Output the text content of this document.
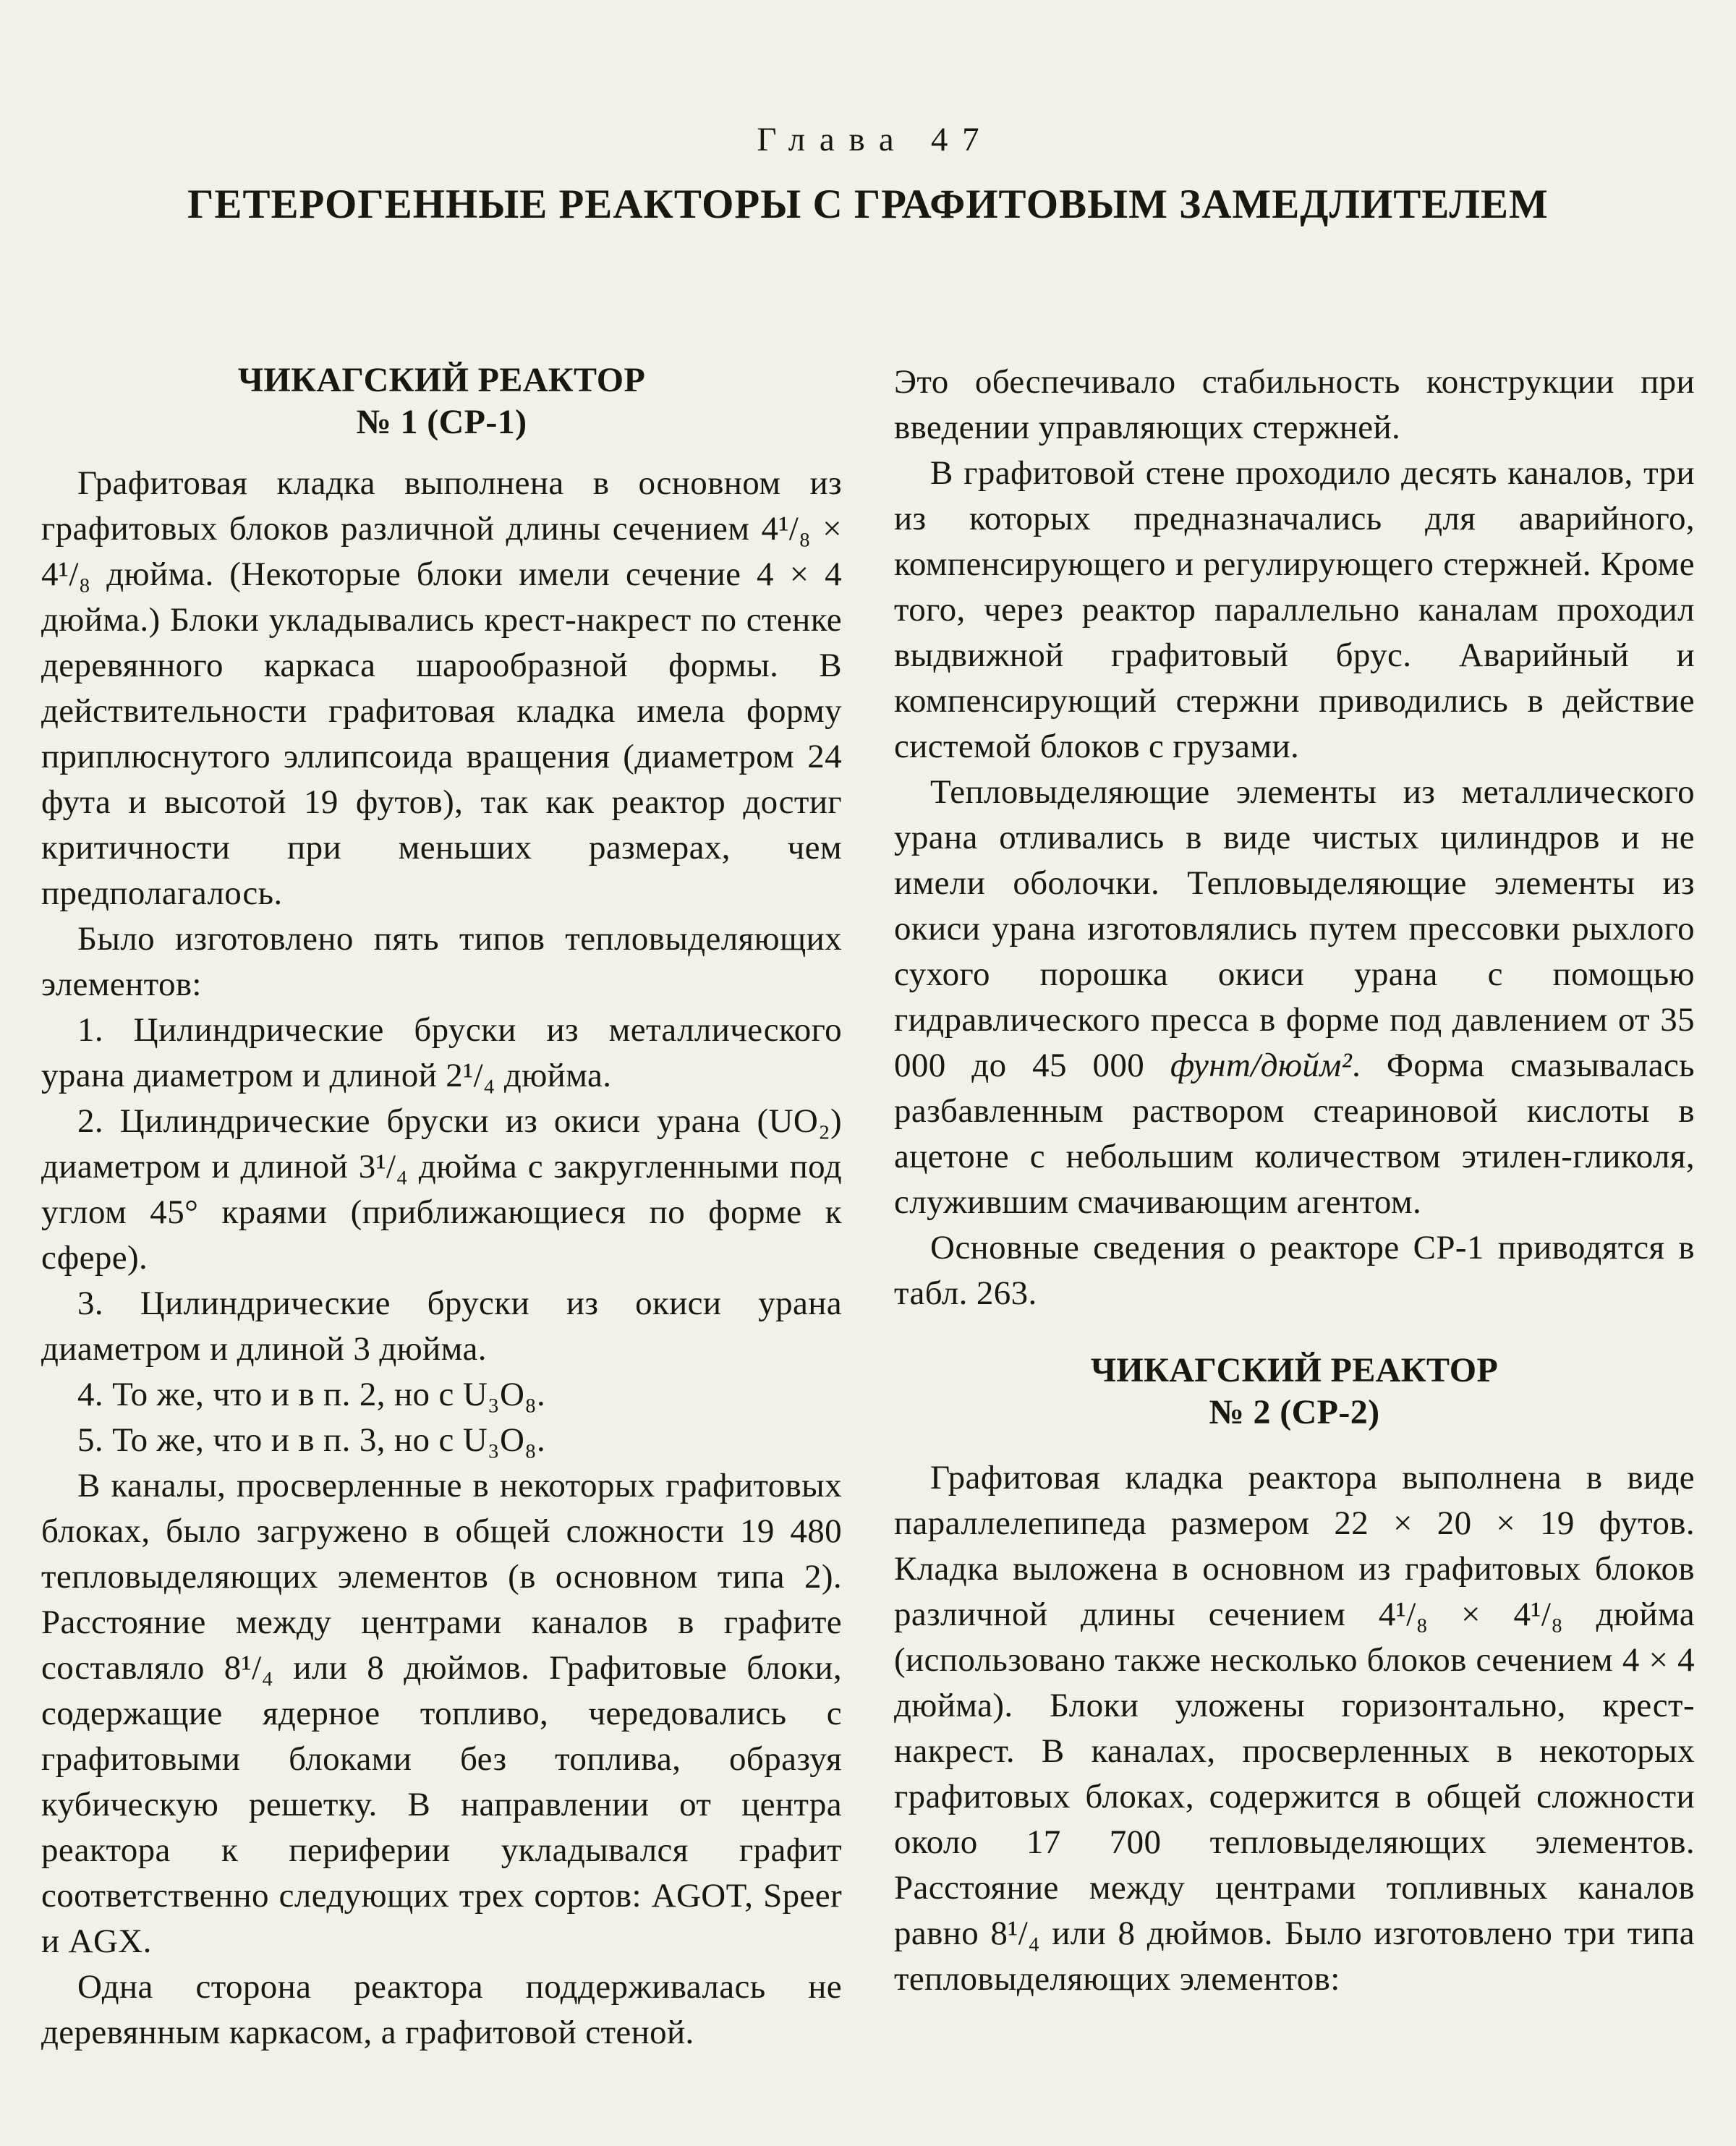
Глава 47
ГЕТЕРОГЕННЫЕ РЕАКТОРЫ С ГРАФИТОВЫМ ЗАМЕДЛИТЕЛЕМ
ЧИКАГСКИЙ РЕАКТОР
№ 1 (CP-1)

Графитовая кладка выполнена в основном из графитовых блоков различной длины сечением 4¹/₈ × 4¹/₈ дюйма. (Некоторые блоки имели сечение 4 × 4 дюйма.) Блоки укладывались крест-накрест по стенке деревянного каркаса шарообразной формы. В действительности графитовая кладка имела форму приплюснутого эллипсоида вращения (диаметром 24 фута и высотой 19 футов), так как реактор достиг критичности при меньших размерах, чем предполагалось.

Было изготовлено пять типов тепловыделяющих элементов:

1. Цилиндрические бруски из металлического урана диаметром и длиной 2¹/₄ дюйма.

2. Цилиндрические бруски из окиси урана (UO₂) диаметром и длиной 3¹/₄ дюйма с закругленными под углом 45° краями (приближающиеся по форме к сфере).

3. Цилиндрические бруски из окиси урана диаметром и длиной 3 дюйма.

4. То же, что и в п. 2, но с U₃O₈.

5. То же, что и в п. 3, но с U₃O₈.

В каналы, просверленные в некоторых графитовых блоках, было загружено в общей сложности 19 480 тепловыделяющих элементов (в основном типа 2). Расстояние между центрами каналов в графите составляло 8¹/₄ или 8 дюймов. Графитовые блоки, содержащие ядерное топливо, чередовались с графитовыми блоками без топлива, образуя кубическую решетку. В направлении от центра реактора к периферии укладывался графит соответственно следующих трех сортов: AGOT, Speer и AGX.

Одна сторона реактора поддерживалась не деревянным каркасом, а графитовой стеной.

Это обеспечивало стабильность конструкции при введении управляющих стержней.

В графитовой стене проходило десять каналов, три из которых предназначались для аварийного, компенсирующего и регулирующего стержней. Кроме того, через реактор параллельно каналам проходил выдвижной графитовый брус. Аварийный и компенсирующий стержни приводились в действие системой блоков с грузами.

Тепловыделяющие элементы из металлического урана отливались в виде чистых цилиндров и не имели оболочки. Тепловыделяющие элементы из окиси урана изготовлялись путем прессовки рыхлого сухого порошка окиси урана с помощью гидравлического пресса в форме под давлением от 35 000 до 45 000 фунт/дюйм². Форма смазывалась разбавленным раствором стеариновой кислоты в ацетоне с небольшим количеством этилен-гликоля, служившим смачивающим агентом.

Основные сведения о реакторе CP-1 приводятся в табл. 263.

ЧИКАГСКИЙ РЕАКТОР
№ 2 (CP-2)

Графитовая кладка реактора выполнена в виде параллелепипеда размером 22 × 20 × 19 футов. Кладка выложена в основном из графитовых блоков различной длины сечением 4¹/₈ × 4¹/₈ дюйма (использовано также несколько блоков сечением 4 × 4 дюйма). Блоки уложены горизонтально, крест-накрест. В каналах, просверленных в некоторых графитовых блоках, содержится в общей сложности около 17 700 тепловыделяющих элементов. Расстояние между центрами топливных каналов равно 8¹/₄ или 8 дюймов. Было изготовлено три типа тепловыделяющих элементов:
